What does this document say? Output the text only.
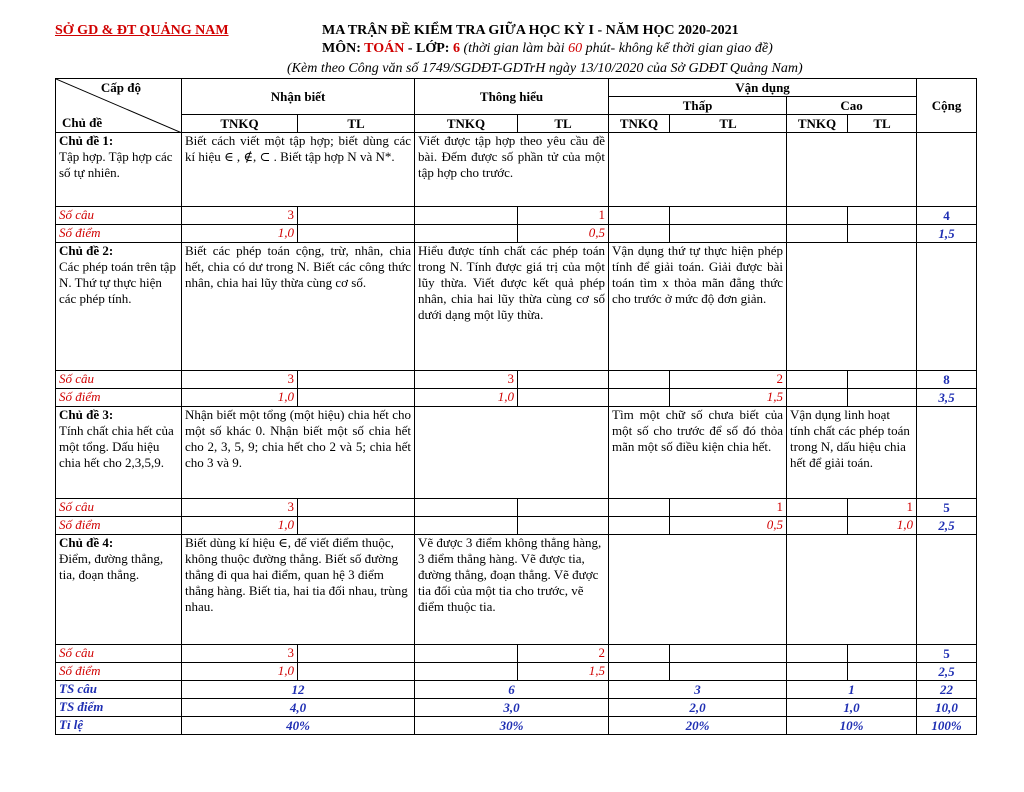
SỞ GD & ĐT QUẢNG NAM	MA TRẬN ĐỀ KIỂM TRA GIỮA HỌC KỲ I - NĂM HỌC 2020-2021
MÔN: TOÁN - LỚP: 6 (thời gian làm bài 60 phút- không kể thời gian giao đề)
(Kèm theo Công văn số 1749/SGDĐT-GDTrH ngày 13/10/2020 của Sở GDĐT Quảng Nam)
Cấp độ
Chủ đề	Nhận biết		Thông hiểu		Vận dụng				Cộng
					Thấp		Cao		
	TNKQ	TL	TNKQ	TL	TNKQ	TL	TNKQ	TL	

Chủ đề 1:
Tập hợp. Tập hợp các số tự nhiên.	Biết cách viết một tập hợp; biết dùng các kí hiệu ∈ , ∉, ⊂ . Biết tập hợp N và N*.		Viết được tập hợp theo yêu cầu đề bài. Đếm được số phần tử của một tập hợp cho trước.						
Số câu	3			1					4
Số điểm	1,0			0,5					1,5

Chủ đề 2:
Các phép toán trên tập N. Thứ tự thực hiện các phép tính.	Biết các phép toán cộng, trừ, nhân, chia hết, chia có dư trong N. Biết các công thức nhân, chia hai lũy thừa cùng cơ số.		Hiểu được tính chất các phép toán trong N. Tính được giá trị của một lũy thừa. Viết được kết quả phép nhân, chia hai lũy thừa cùng cơ số dưới dạng một lũy thừa.		Vận dụng thứ tự thực hiện phép tính để giải toán. Giải được bài toán tìm x thỏa mãn đẳng thức cho trước ở mức độ đơn giản.				
Số câu	3		3			2			8
Số điểm	1,0		1,0			1,5			3,5

Chủ đề 3:
Tính chất chia hết của một tổng. Dấu hiệu chia hết cho 2,3,5,9.	Nhận biết một tổng (một hiệu) chia hết cho một số khác 0. Nhận biết một số chia hết cho 2, 3, 5, 9; chia hết cho 2 và 5; chia hết cho 3 và 9.				Tìm một chữ số chưa biết của một số cho trước để số đó thỏa mãn một số điều kiện chia hết.		Vận dụng linh hoạt tính chất các phép toán trong N, dấu hiệu chia hết để giải toán.		
Số câu	3					1		1	5
Số điểm	1,0					0,5		1,0	2,5

Chủ đề 4:
Điểm, đường thẳng, tia, đoạn thẳng.	Biết dùng kí hiệu ∈, để viết điểm thuộc, không thuộc đường thẳng. Biết số đường thẳng đi qua hai điểm, quan hệ 3 điểm thẳng hàng. Biết tia, hai tia đối nhau, trùng nhau.		Vẽ được 3 điểm không thẳng hàng, 3 điểm thẳng hàng. Vẽ được tia, đường thẳng, đoạn thẳng. Vẽ được tia đối của một tia cho trước, vẽ điểm thuộc tia.						
Số câu	3			2					5
Số điểm	1,0			1,5					2,5
TS câu	12		6		3		1		22
TS điểm	4,0		3,0		2,0		1,0		10,0
Tỉ lệ	40%		30%		20%		10%		100%
